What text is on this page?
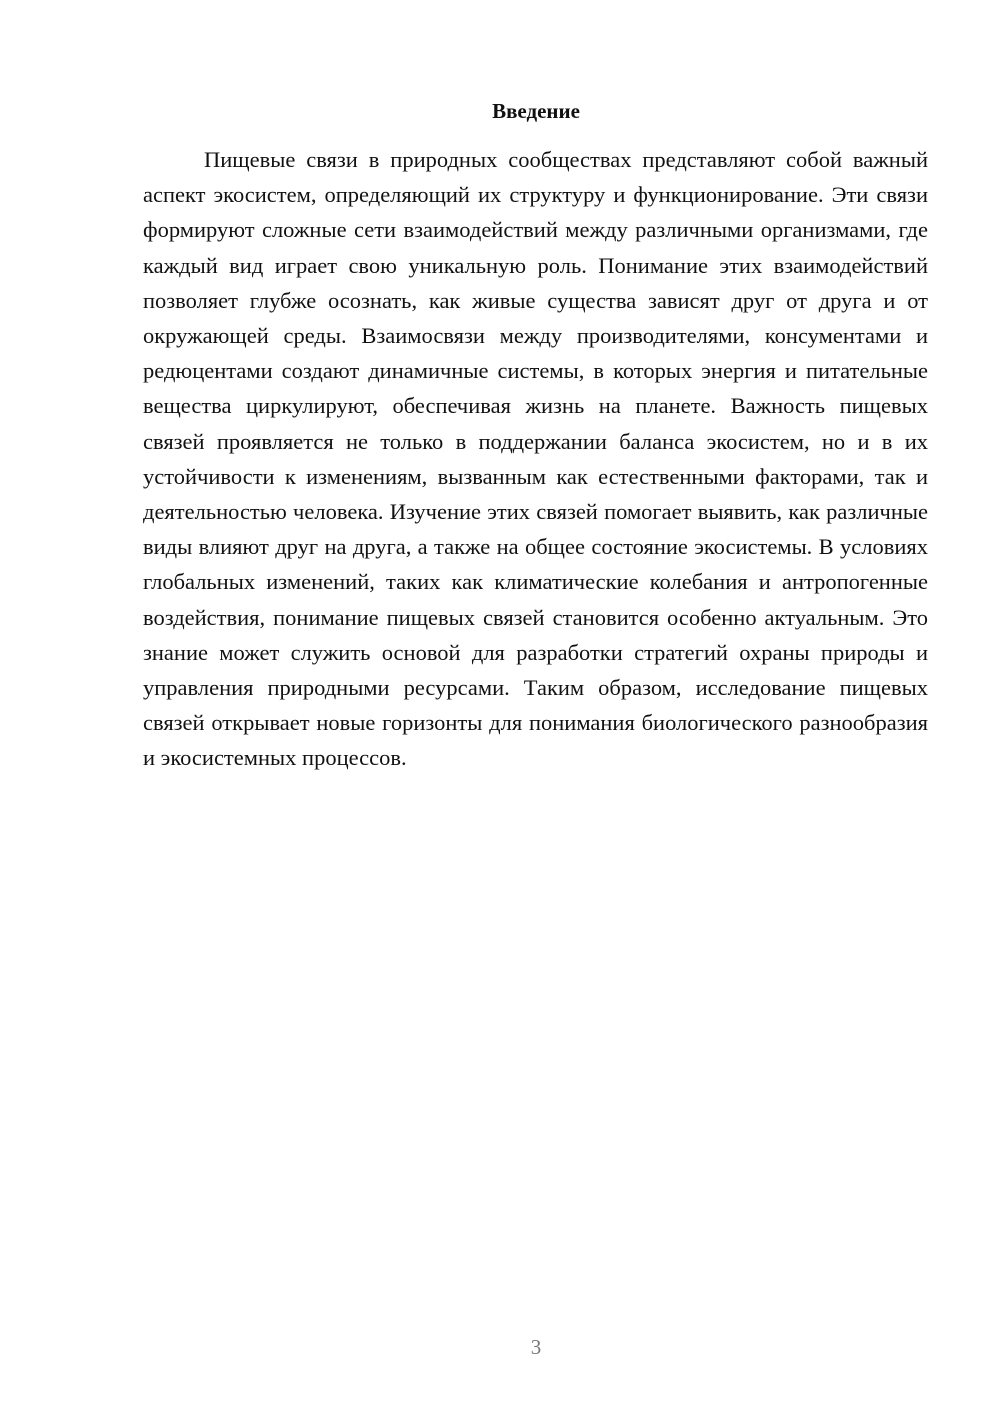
Введение

Пищевые связи в природных сообществах представляют собой важный аспект экосистем, определяющий их структуру и функционирование. Эти связи формируют сложные сети взаимодействий между различными организмами, где каждый вид играет свою уникальную роль. Понимание этих взаимодействий позволяет глубже осознать, как живые существа зависят друг от друга и от окружающей среды. Взаимосвязи между производителями, консументами и редюцентами создают динамичные системы, в которых энергия и питательные вещества циркулируют, обеспечивая жизнь на планете. Важность пищевых связей проявляется не только в поддержании баланса экосистем, но и в их устойчивости к изменениям, вызванным как естественными факторами, так и деятельностью человека. Изучение этих связей помогает выявить, как различные виды влияют друг на друга, а также на общее состояние экосистемы. В условиях глобальных изменений, таких как климатические колебания и антропогенные воздействия, понимание пищевых связей становится особенно актуальным. Это знание может служить основой для разработки стратегий охраны природы и управления природными ресурсами. Таким образом, исследование пищевых связей открывает новые горизонты для понимания биологического разнообразия и экосистемных процессов.

3
